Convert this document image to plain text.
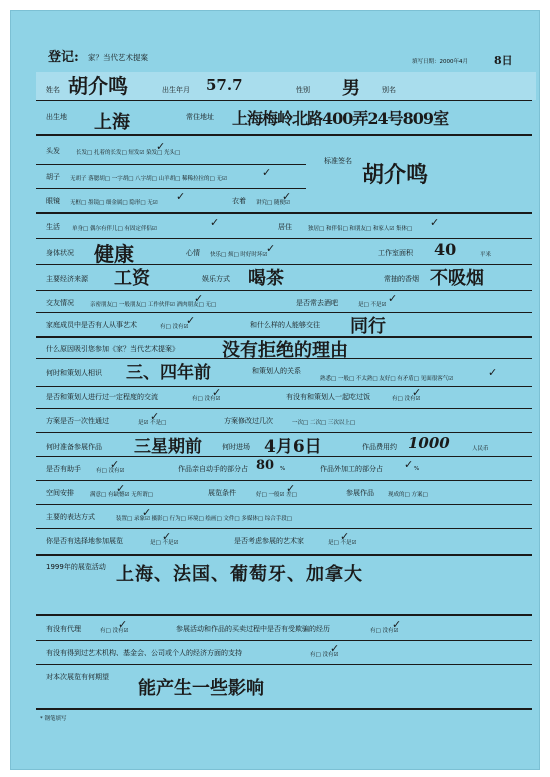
登记: 家？当代艺术提案	填写日期：2000年4月 8日
姓名 胡介鸣	出生年月 57.7	性别 男	别名
出生地 上海	常住地址 上海梅岭北路400弄24号809室
头发	长发□ 扎着的长发□ 短发☑ 染发□ 光头□
标准签名
胡介鸣
胡子 无胡子 落腮胡□ 一字胡□ 八字胡□ 山羊胡□ 稀稀拉拉的□ 无☑
眼镜 无框□ 墨镜□ 细金属□ 隐形□ 无☑	衣着 讲究□ 随便☑
生活 单身□ 偶尔有伴儿□ 有固定伴侣☑	居住	独居□ 和伴侣□ 和朋友□ 和家人☑ 集体□
身体状况 健康	心情 快乐□ 烦□ 时好时坏☑	工作室面积 40	平米
主要经济来源 工资	娱乐方式 喝茶	常抽的香烟 不吸烟
交友情况	亲密朋友□ 一般朋友□ 工作伙伴☑ 酒肉朋友□ 无□	是否常去酒吧	是□ 不是☑
家庭成员中是否有人从事艺术	有□ 没有☑	和什么样的人能够交往 同行
什么原因吸引您参加《家？当代艺术提案》 没有拒绝的理由
何时和策划人相识 三、四年前	和策划人的关系
熟悉□ 一般□ 不太熟□ 友好□ 有矛盾□ 见面很客气☑
是否和策划人进行过一定程度的交流	有□ 没有☑	有没有和策划人一起吃过饭	有□ 没有☑
方案是否一次性通过	是☑ 不是□	方案修改过几次	一次□ 二次□ 三次以上□
何时准备参展作品 三星期前	何时进场 4月6日	作品费用约 1000	人民币
是否有助手	有□ 没有☑	作品亲自动手的部分占 80 %	作品外加工的部分占	%
空间安排	满意□ 有缺憾☑ 无所谓□	展览条件	好□ 一般☑ 差□	参展作品	现成的□ 方案□
主要的表达方式	装置□ 录象☑ 摄影□ 行为□ 环境□ 绘画□ 文件□ 多媒体□ 综合手段□
你是否有选择地参加展览	是□ 不是☑	是否考虑参展的艺术家	是□ 不是☑
1999年的展览活动 上海、法国、葡萄牙、加拿大
有没有代理	有□ 没有☑	参展活动和作品的买卖过程中是否有受欺骗的经历	有□ 没有☑
有没有得到过艺术机构、基金会、公司或个人的经济方面的支持	有□ 没有☑
对本次展览有何期望
能产生一些影响
* 钢笔填写
✓
✓
✓	✓
✓	✓
✓
✓	✓
✓
✓
✓	✓
✓
✓	✓
✓	✓
✓
✓	✓
✓	✓
✓
